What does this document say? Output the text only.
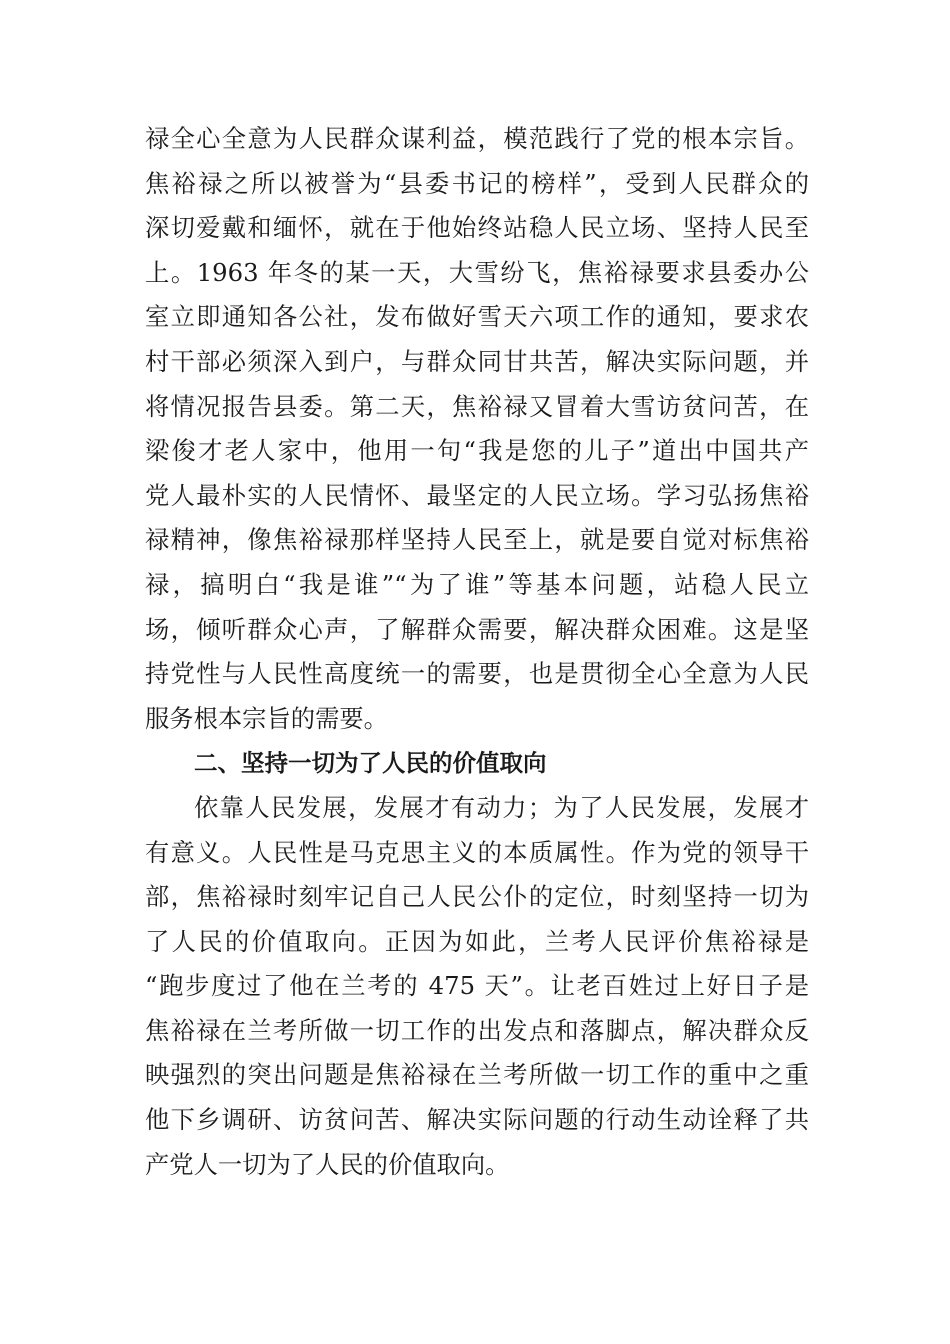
禄全心全意为人民群众谋利益，模范践行了党的根本宗旨。
焦裕禄之所以被誉为“县委书记的榜样”，受到人民群众的
深切爱戴和缅怀，就在于他始终站稳人民立场、坚持人民至
上。1963 年冬的某一天，大雪纷飞，焦裕禄要求县委办公
室立即通知各公社，发布做好雪天六项工作的通知，要求农
村干部必须深入到户，与群众同甘共苦，解决实际问题，并
将情况报告县委。第二天，焦裕禄又冒着大雪访贫问苦，在
梁俊才老人家中，他用一句“我是您的儿子”道出中国共产
党人最朴实的人民情怀、最坚定的人民立场。学习弘扬焦裕
禄精神，像焦裕禄那样坚持人民至上，就是要自觉对标焦裕
禄，搞明白“我是谁”“为了谁”等基本问题，站稳人民立
场，倾听群众心声，了解群众需要，解决群众困难。这是坚
持党性与人民性高度统一的需要，也是贯彻全心全意为人民
服务根本宗旨的需要。
二、坚持一切为了人民的价值取向
依靠人民发展，发展才有动力；为了人民发展，发展才
有意义。人民性是马克思主义的本质属性。作为党的领导干
部，焦裕禄时刻牢记自己人民公仆的定位，时刻坚持一切为
了人民的价值取向。正因为如此，兰考人民评价焦裕禄是
“跑步度过了他在兰考的 475 天”。让老百姓过上好日子是
焦裕禄在兰考所做一切工作的出发点和落脚点，解决群众反
映强烈的突出问题是焦裕禄在兰考所做一切工作的重中之重
他下乡调研、访贫问苦、解决实际问题的行动生动诠释了共
产党人一切为了人民的价值取向。
